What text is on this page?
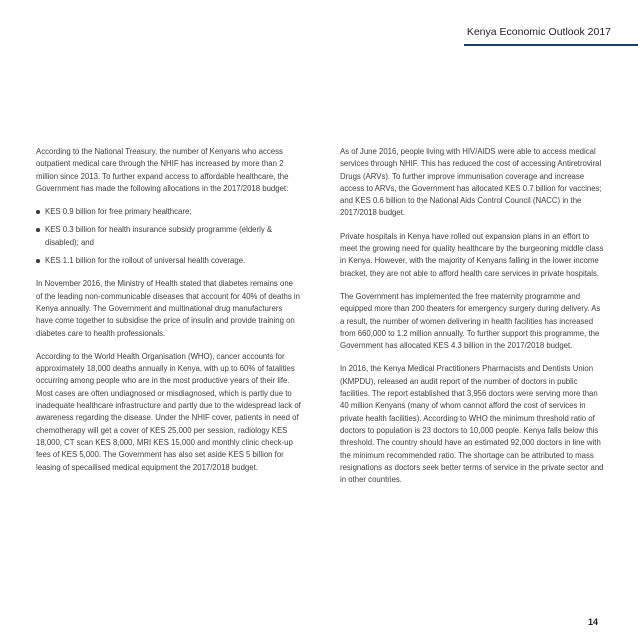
Kenya Economic Outlook 2017

According to the National Treasury, the number of Kenyans who access outpatient medical care through the NHIF has increased by more than 2 million since 2013. To further expand access to affordable healthcare, the Government has made the following allocations in the 2017/2018 budget:

KES 0.9 billion for free primary healthcare;
KES 0.3 billion for health insurance subsidy programme (elderly & disabled); and
KES 1.1 billion for the rollout of universal health coverage.

In November 2016, the Ministry of Health stated that diabetes remains one of the leading non-communicable diseases that account for 40% of deaths in Kenya annually. The Government and multinational drug manufacturers have come together to subsidise the price of insulin and provide training on diabetes care to health professionals.

According to the World Health Organisation (WHO), cancer accounts for approximately 18,000 deaths annually in Kenya, with up to 60% of fatalities occurring among people who are in the most productive years of their life. Most cases are often undiagnosed or misdiagnosed, which is partly due to inadequate healthcare infrastructure and partly due to the widespread lack of awareness regarding the disease. Under the NHIF cover, patients in need of chemotherapy will get a cover of KES 25,000 per session, radiology KES 18,000, CT scan KES 8,000, MRI KES 15,000 and monthly clinic check-up fees of KES 5,000. The Government has also set aside KES 5 billion for leasing of specailised medical equipment the 2017/2018 budget.

As of June 2016, people living with HIV/AIDS were able to access medical services through NHIF. This has reduced the cost of accessing Antiretroviral Drugs (ARVs). To further improve immunisation coverage and increase access to ARVs, the Government has allocated KES 0.7 billion for vaccines; and KES 0.6 billion to the National Aids Control Council (NACC) in the 2017/2018 budget.

Private hospitals in Kenya have rolled out expansion plans in an effort to meet the growing need for quality healthcare by the burgeoning middle class in Kenya. However, with the majority of Kenyans falling in the lower income bracket, they are not able to afford health care services in private hospitals.

The Government has implemented the free maternity programme and equipped more than 200 theaters for emergency surgery during delivery. As a result, the number of women delivering in health facilities has increased from 660,000 to 1.2 million annually. To further support this programme, the Government has allocated KES 4.3 billion in the 2017/2018 budget.

In 2016, the Kenya Medical Practitioners Pharmacists and Dentists Union (KMPDU), released an audit report of the number of doctors in public facilities. The report established that 3,956 doctors were serving more than 40 million Kenyans (many of whom cannot afford the cost of services in private health facilities). According to WHO the minimum threshold ratio of doctors to population is 23 doctors to 10,000 people. Kenya falls below this threshold. The country should have an estimated 92,000 doctors in line with the minimum recommended ratio. The shortage can be attributed to mass resignations as doctors seek better terms of service in the private sector and in other countries.

14
